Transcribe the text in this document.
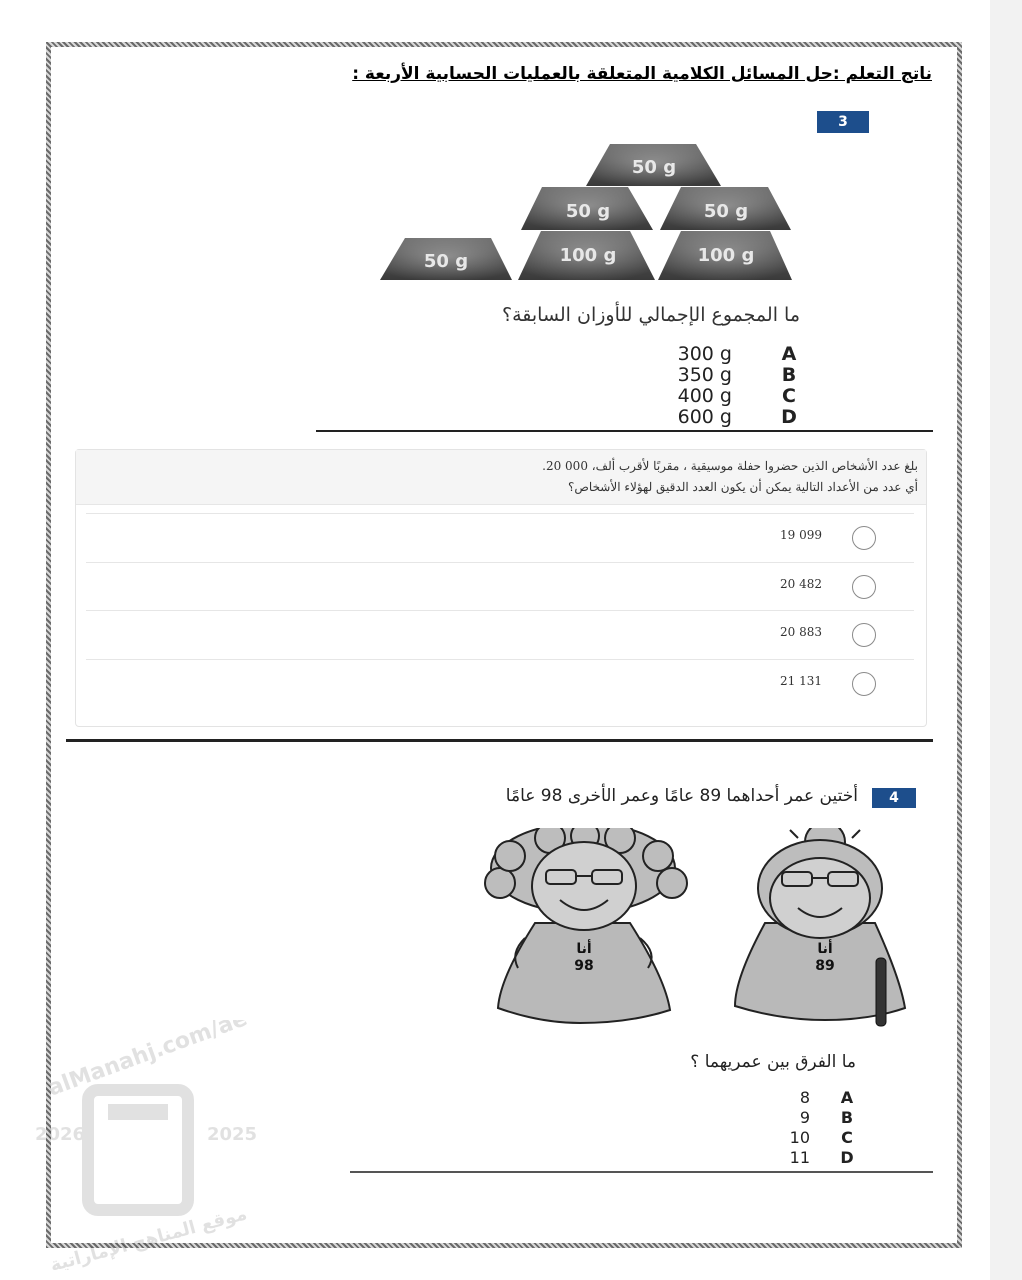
ناتج التعلم :حل المسائل الكلامية المتعلقة بالعمليات الحسابية الأربعة :
3
50 g
50 g	50 g
100 g	100 g
50 g
ما المجموع الإجمالي للأوزان السابقة؟
300 g	A
350 g	B
400 g	C
600 g	D
بلغ عدد الأشخاص الذين حضروا حفلة موسيقية ، مقربًا لأقرب ألف، 000 20.
أي عدد من الأعداد التالية يمكن أن يكون العدد الدقيق لهؤلاء الأشخاص؟
19 099
20 482
20 883
21 131
4
أختين عمر أحداهما 89 عامًا وعمر الأخرى 98 عامًا
أنا
98
أنا
89
ما الفرق بين عمريهما ؟
8 A
9	B
10	C
11 D
2026	2025
alManahj.com/ae
موقع المناهج الإماراتية
